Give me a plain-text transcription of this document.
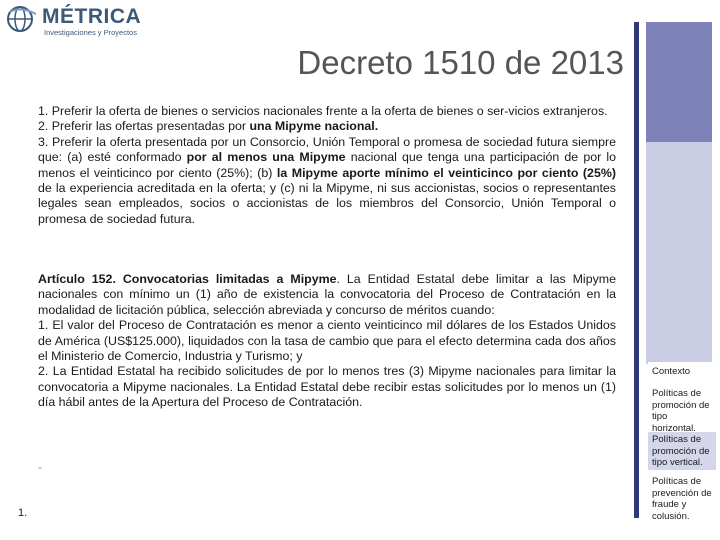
MÉTRICA
Investigaciones y Proyectos
Decreto 1510 de 2013

1. Preferir la oferta de bienes o servicios nacionales frente a la oferta de bienes o ser-vicios extranjeros.

2. Preferir las ofertas presentadas por una Mipyme nacional.

3. Preferir la oferta presentada por un Consorcio, Unión Temporal o promesa de sociedad futura siempre que: (a) esté conformado por al menos una Mipyme nacional que tenga una participación de por lo menos el veinticinco por ciento (25%); (b) la Mipyme aporte mínimo el veinticinco por ciento (25%) de la experiencia acreditada en la oferta; y (c) ni la Mipyme, ni sus accionistas, socios o representantes legales sean empleados, socios o accionistas de los miembros del Consorcio, Unión Temporal o promesa de sociedad futura.

Artículo 152. Convocatorias limitadas a Mipyme. La Entidad Estatal debe limitar a las Mipyme nacionales con mínimo un (1) año de existencia la convocatoria del Proceso de Contratación en la modalidad de licitación pública, selección abreviada y concurso de méritos cuando:

1. El valor del Proceso de Contratación es menor a ciento veinticinco mil dólares de los Estados Unidos de América (US$125.000), liquidados con la tasa de cambio que para el efecto determina cada dos años el Ministerio de Comercio, Industria y Turismo; y

2. La Entidad Estatal ha recibido solicitudes de por lo menos tres (3) Mipyme nacionales para limitar la convocatoria a Mipyme nacionales. La Entidad Estatal debe recibir estas solicitudes por lo menos un (1) día hábil antes de la Apertura del Proceso de Contratación.

-
1.
Contexto
Políticas de promoción de tipo horizontal.
Políticas de promoción de tipo vertical.
Políticas de prevención de fraude y colusión.
